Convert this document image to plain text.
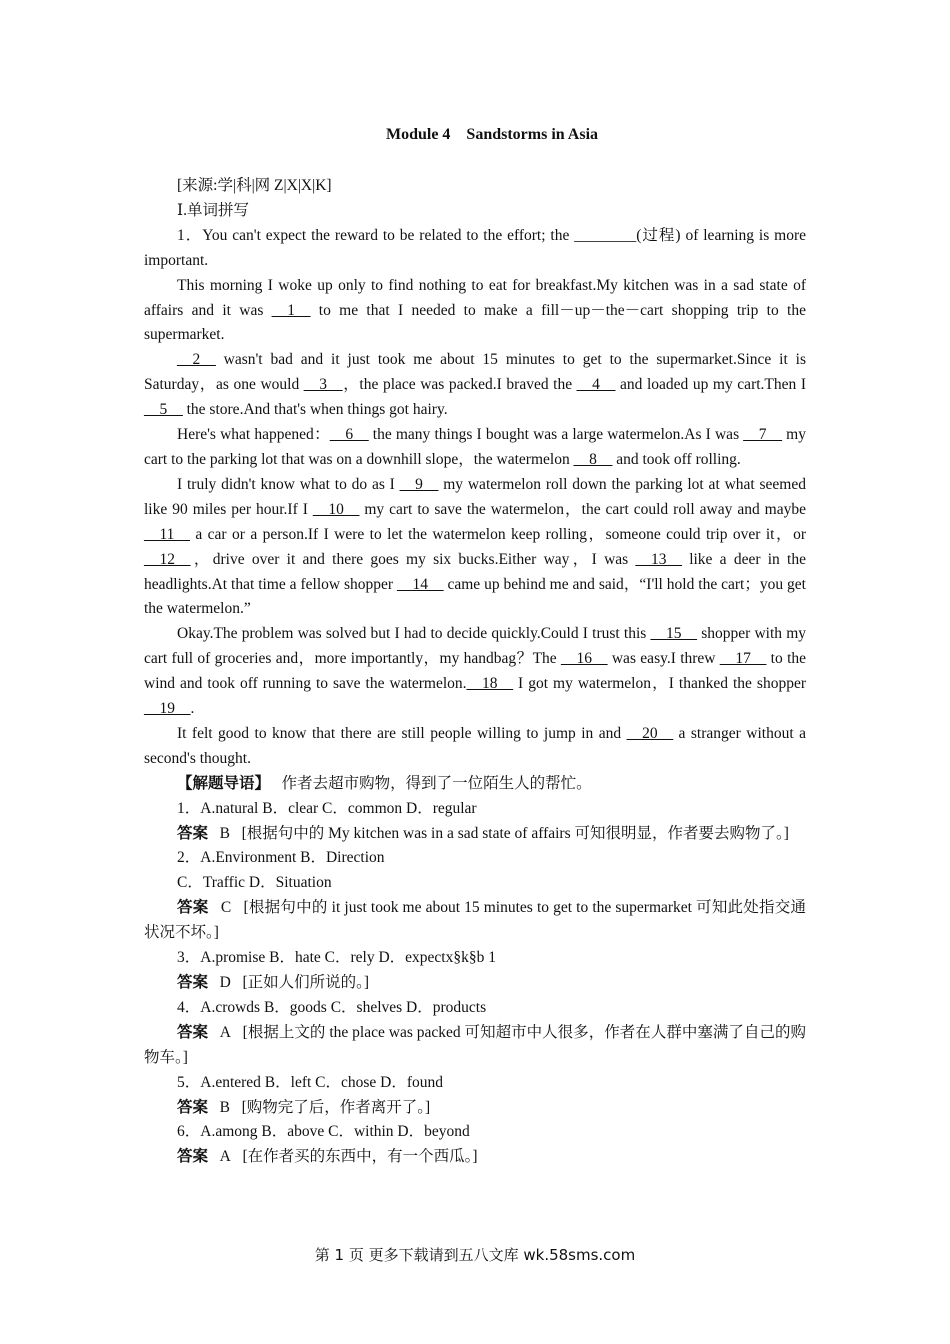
Module 4 Sandstorms in Asia

[来源:学|科|网 Z|X|X|K]

Ⅰ.单词拼写

1．You can't expect the reward to be related to the effort; the ________(过程) of learning is more important.

This morning I woke up only to find nothing to eat for breakfast.My kitchen was in a sad state of affairs and it was __1__ to me that I needed to make a fill－up－the－cart shopping trip to the supermarket.

__2__ wasn't bad and it just took me about 15 minutes to get to the supermarket.Since it is Saturday，as one would __3__，the place was packed.I braved the __4__ and loaded up my cart.Then I __5__ the store.And that's when things got hairy.

Here's what happened：__6__ the many things I bought was a large watermelon.As I was __7__ my cart to the parking lot that was on a downhill slope，the watermelon __8__ and took off rolling.

I truly didn't know what to do as I __9__ my watermelon roll down the parking lot at what seemed like 90 miles per hour.If I __10__ my cart to save the watermelon，the cart could roll away and maybe __11__ a car or a person.If I were to let the watermelon keep rolling，someone could trip over it，or __12__，drive over it and there goes my six bucks.Either way，I was __13__ like a deer in the headlights.At that time a fellow shopper __14__ came up behind me and said，“I'll hold the cart；you get the watermelon.”

Okay.The problem was solved but I had to decide quickly.Could I trust this __15__ shopper with my cart full of groceries and，more importantly，my handbag？The __16__ was easy.I threw __17__ to the wind and took off running to save the watermelon.__18__ I got my watermelon，I thanked the shopper __19__.

It felt good to know that there are still people willing to jump in and __20__ a stranger without a second's thought.

【解题导语】 作者去超市购物，得到了一位陌生人的帮忙。

1．A.natural B．clear C．common D．regular

答案 B [根据句中的 My kitchen was in a sad state of affairs 可知很明显，作者要去购物了。]

2．A.Environment B．Direction

C．Traffic D．Situation

答案 C [根据句中的 it just took me about 15 minutes to get to the supermarket 可知此处指交通状况不坏。]

3．A.promise B．hate C．rely D．expectx§k§b 1

答案 D [正如人们所说的。]

4．A.crowds B．goods C．shelves D．products

答案 A [根据上文的 the place was packed 可知超市中人很多，作者在人群中塞满了自己的购物车。]

5．A.entered B．left C．chose D．found

答案 B [购物完了后，作者离开了。]

6．A.among B．above C．within D．beyond

答案 A [在作者买的东西中，有一个西瓜。]

第 1 页 更多下载请到五八文库 wk.58sms.com
